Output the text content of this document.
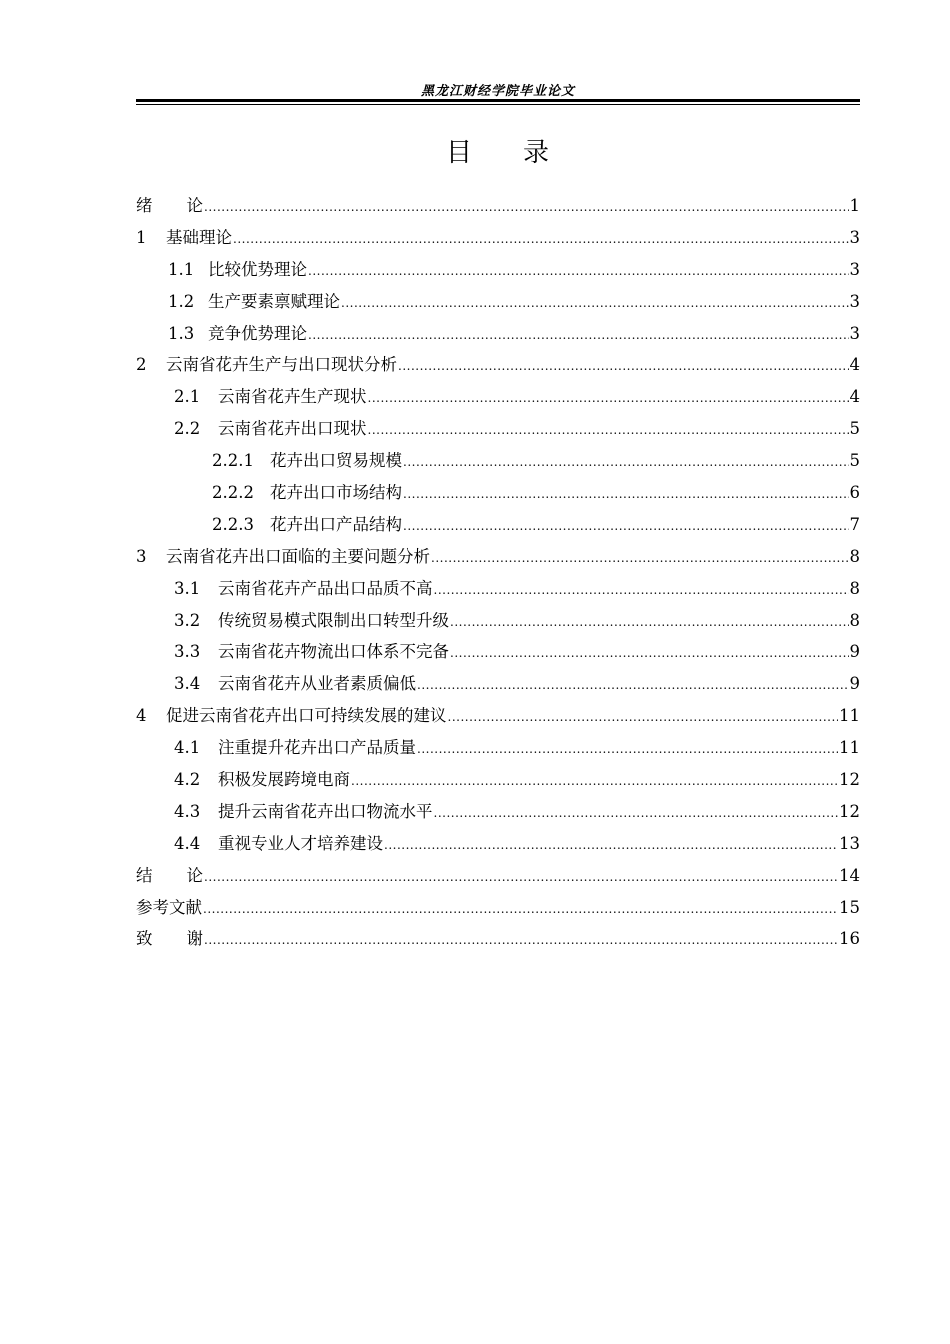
黑龙江财经学院毕业论文
目 录
绪 论 .....	1
1	基础理论 .....	3
1.1 比较优势理论 .....	3
1.2 生产要素禀赋理论 .....	3
1.3 竞争优势理论 .....	3
2	云南省花卉生产与出口现状分析 .....	4
2.1	云南省花卉生产现状 .....	4
2.2	云南省花卉出口现状 .....	5
2.2.1 花卉出口贸易规模 .....	5
2.2.2 花卉出口市场结构 .....	6
2.2.3 花卉出口产品结构 .....	7
3	云南省花卉出口面临的主要问题分析 .....	8
3.1	云南省花卉产品出口品质不高 .....	8
3.2	传统贸易模式限制出口转型升级 .....	8
3.3	云南省花卉物流出口体系不完备 .....	9
3.4	云南省花卉从业者素质偏低 .....	9
4	促进云南省花卉出口可持续发展的建议 .....	11
4.1	注重提升花卉出口产品质量 .....	11
4.2	积极发展跨境电商 .....	12
4.3	提升云南省花卉出口物流水平 .....	12
4.4	重视专业人才培养建设 .....	13
结 论 .....	14
参考文献 .....	15
致 谢 .....	16
